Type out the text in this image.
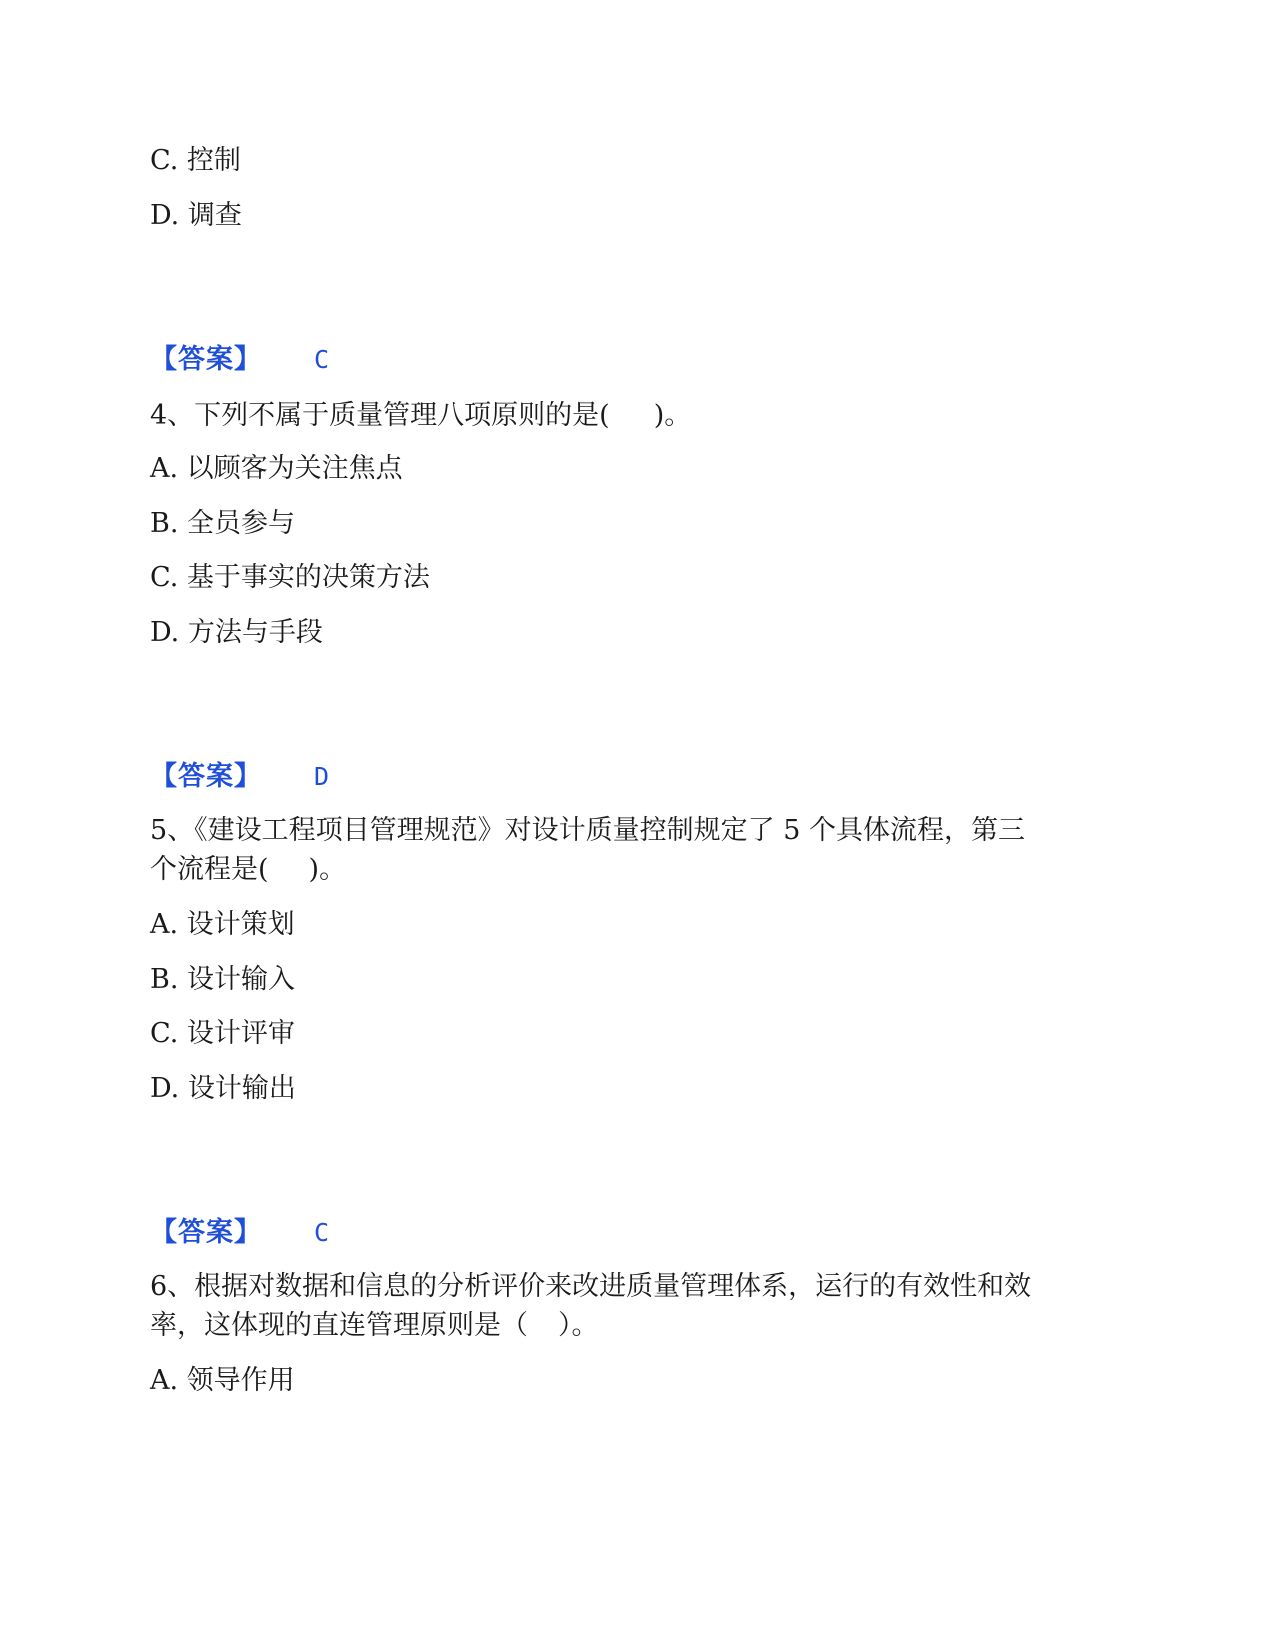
C. 控制

D. 调查

【答案】 C

4、下列不属于质量管理八项原则的是( )。

A. 以顾客为关注焦点

B. 全员参与

C. 基于事实的决策方法

D. 方法与手段

【答案】 D

5、《建设工程项目管理规范》对设计质量控制规定了 5 个具体流程，第三

个流程是( )。

A. 设计策划

B. 设计输入

C. 设计评审

D. 设计输出

【答案】 C

6、根据对数据和信息的分析评价来改进质量管理体系，运行的有效性和效

率，这体现的直连管理原则是（ ）。

A. 领导作用
